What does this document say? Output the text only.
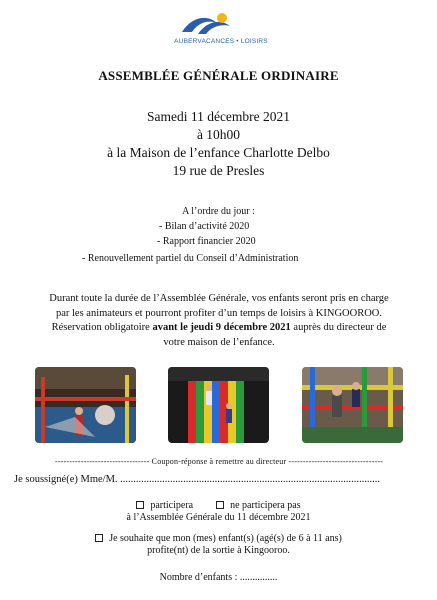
AUBERVACANCES • LOISIRS
ASSEMBLÉE GÉNÉRALE ORDINAIRE
Samedi 11 décembre 2021
à 10h00
à la Maison de l’enfance Charlotte Delbo
19 rue de Presles
A l’ordre du jour :
- Bilan d’activité 2020
- Rapport financier 2020
- Renouvellement partiel du Conseil d’Administration
Durant toute la durée de l’Assemblée Générale, vos enfants seront pris en charge
par les animateurs et pourront profiter d’un temps de loisirs à KINGOOROO.
Réservation obligatoire avant le jeudi 9 décembre 2021 auprès du directeur de
votre maison de l’enfance.
--------------------------------- Coupon-réponse à remettre au directeur ---------------------------------
Je soussigné(e) Mme/M. ...................................................................................................
participera	ne participera pas
à l’Assemblée Générale du 11 décembre 2021
Je souhaite que mon (mes) enfant(s) (agé(s) de 6 à 11 ans)
profite(nt) de la sortie à Kingooroo.
Nombre d’enfants : ...............
